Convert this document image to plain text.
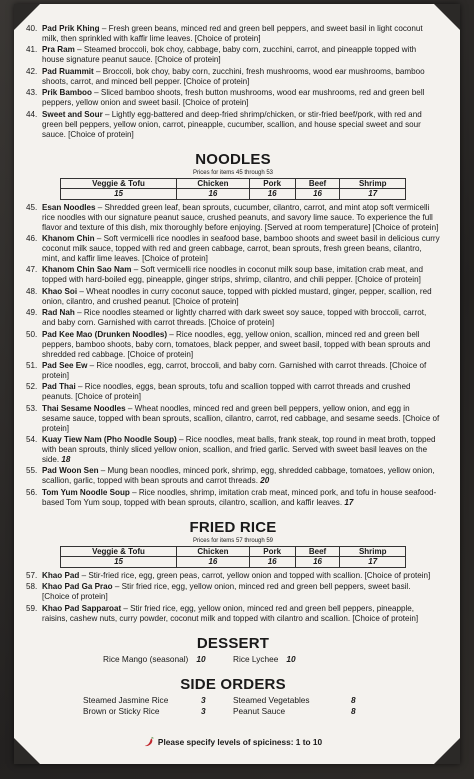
40. Pad Prik Khing – Fresh green beans, minced red and green bell peppers, and sweet basil in light coconut milk, then sprinkled with kaffir lime leaves. [Choice of protein]
41. Pra Ram – Steamed broccoli, bok choy, cabbage, baby corn, zucchini, carrot, and pineapple topped with house signature peanut sauce. [Choice of protein]
42. Pad Ruammit – Broccoli, bok choy, baby corn, zucchini, fresh mushrooms, wood ear mushrooms, bamboo shoots, carrot, and minced bell pepper. [Choice of protein]
43. Prik Bamboo – Sliced bamboo shoots, fresh button mushrooms, wood ear mushrooms, red and green bell peppers, yellow onion and sweet basil. [Choice of protein]
44. Sweet and Sour – Lightly egg-battered and deep-fried shrimp/chicken, or stir-fried beef/pork, with red and green bell peppers, yellow onion, carrot, pineapple, cucumber, scallion, and house special sweet and sour sauce. [Choice of protein]
NOODLES
Prices for items 45 through 53
Veggie & Tofu	Chicken	Pork	Beef	Shrimp
15	16	16	16	17
45. Esan Noodles – Shredded green leaf, bean sprouts, cucumber, cilantro, carrot, and mint atop soft vermicelli rice noodles with our signature peanut sauce, crushed peanuts, and savory lime sauce. To experience the full flavor and texture of this dish, mix thoroughly before enjoying. [Served at room temperature] [Choice of protein]
46. Khanom Chin – Soft vermicelli rice noodles in seafood base, bamboo shoots and sweet basil in delicious curry coconut milk sauce, topped with red and green cabbage, carrot, bean sprouts, fresh green beans, cilantro, mint, and kaffir lime leaves. [Choice of protein]
47. Khanom Chin Sao Nam – Soft vermicelli rice noodles in coconut milk soup base, imitation crab meat, and topped with hard-boiled egg, pineapple, ginger strips, shrimp, cilantro, and chili pepper. [Choice of protein]
48. Khao Soi – Wheat noodles in curry coconut sauce, topped with pickled mustard, ginger, pepper, scallion, red onion, cilantro, and crushed peanut. [Choice of protein]
49. Rad Nah – Rice noodles steamed or lightly charred with dark sweet soy sauce, topped with broccoli, carrot, and baby corn. Garnished with carrot threads. [Choice of protein]
50. Pad Kee Mao (Drunken Noodles) – Rice noodles, egg, yellow onion, scallion, minced red and green bell peppers, bamboo shoots, baby corn, tomatoes, black pepper, and sweet basil, topped with bean sprouts and shredded red cabbage. [Choice of protein]
51. Pad See Ew – Rice noodles, egg, carrot, broccoli, and baby corn. Garnished with carrot threads. [Choice of protein]
52. Pad Thai – Rice noodles, eggs, bean sprouts, tofu and scallion topped with carrot threads and crushed peanuts. [Choice of protein]
53. Thai Sesame Noodles – Wheat noodles, minced red and green bell peppers, yellow onion, and egg in sesame sauce, topped with bean sprouts, scallion, cilantro, carrot, red cabbage, and sesame seeds. [Choice of protein]
54. Kuay Tiew Nam (Pho Noodle Soup) – Rice noodles, meat balls, frank steak, top round in meat broth, topped with bean sprouts, thinly sliced yellow onion, scallion, and fried garlic. Served with sweet basil leaves on the side. 18
55. Pad Woon Sen – Mung bean noodles, minced pork, shrimp, egg, shredded cabbage, tomatoes, yellow onion, scallion, garlic, topped with bean sprouts and carrot threads. 20
56. Tom Yum Noodle Soup – Rice noodles, shrimp, imitation crab meat, minced pork, and tofu in house seafood-based Tom Yum soup, topped with bean sprouts, cilantro, scallion, and kaffir leaves. 17
FRIED RICE
Prices for items 57 through 59
Veggie & Tofu	Chicken	Pork	Beef	Shrimp
15	16	16	16	17
57. Khao Pad – Stir-fried rice, egg, green peas, carrot, yellow onion and topped with scallion. [Choice of protein]
58. Khao Pad Ga Prao – Stir fried rice, egg, yellow onion, minced red and green bell peppers, sweet basil. [Choice of protein]
59. Khao Pad Sapparoat – Stir fried rice, egg, yellow onion, minced red and green bell peppers, pineapple, raisins, cashew nuts, curry powder, coconut milk and topped with cilantro and scallion. [Choice of protein]
DESSERT
Rice Mango (seasonal) 10	Rice Lychee 10
SIDE ORDERS
Steamed Jasmine Rice	3	Steamed Vegetables	8
Brown or Sticky Rice	3	Peanut Sauce	8
Please specify levels of spiciness: 1 to 10
